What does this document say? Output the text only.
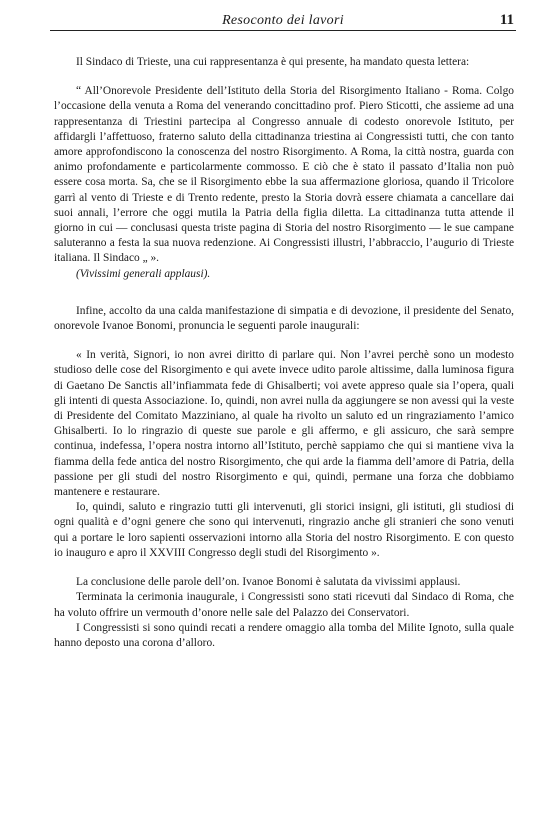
Resoconto dei lavori	11

Il Sindaco di Trieste, una cui rappresentanza è qui presente, ha mandato questa lettera:

“ All’Onorevole Presidente dell’Istituto della Storia del Risorgimento Italiano - Roma. Colgo l’occasione della venuta a Roma del venerando concittadino prof. Piero Sticotti, che assieme ad una rappresentanza di Triestini partecipa al Congresso annuale di codesto onorevole Istituto, per affidargli l’affettuoso, fraterno saluto della cittadinanza triestina ai Congressisti tutti, che con tanto amore approfondiscono la conoscenza del nostro Risorgimento. A Roma, la città nostra, guarda con animo profondamente e particolarmente commosso. E ciò che è stato il passato d’Italia non può essere cosa morta. Sa, che se il Risorgimento ebbe la sua affermazione gloriosa, quando il Tricolore garrì al vento di Trieste e di Trento redente, presto la Storia dovrà essere chiamata a cancellare dai suoi annali, l’errore che oggi mutila la Patria della figlia diletta. La cittadinanza tutta attende il giorno in cui — conclusasi questa triste pagina di Storia del nostro Risorgimento — le sue campane saluteranno a festa la sua nuova redenzione. Ai Congressisti illustri, l’abbraccio, l’augurio di Trieste italiana. Il Sindaco „ ».

(Vivissimi generali applausi).

Infine, accolto da una calda manifestazione di simpatia e di devozione, il presidente del Senato, onorevole Ivanoe Bonomi, pronuncia le seguenti parole inaugurali:

« In verità, Signori, io non avrei diritto di parlare qui. Non l’avrei perchè sono un modesto studioso delle cose del Risorgimento e qui avete invece udito parole altissime, dalla luminosa figura di Gaetano De Sanctis all’infiammata fede di Ghisalberti; voi avete appreso quale sia l’opera, quali gli intenti di questa Associazione. Io, quindi, non avrei nulla da aggiungere se non avessi qui la veste di Presidente del Comitato Mazziniano, al quale ha rivolto un saluto ed un ringraziamento l’amico Ghisalberti. Io lo ringrazio di queste sue parole e gli affermo, e gli assicuro, che sarà sempre continua, indefessa, l’opera nostra intorno all’Istituto, perchè sappiamo che qui si mantiene viva la fiamma della fede antica del nostro Risorgimento, che qui arde la fiamma dell’amore di Patria, della passione per gli studi del nostro Risorgimento e qui, quindi, permane una forza che dobbiamo mantenere e restaurare.

Io, quindi, saluto e ringrazio tutti gli intervenuti, gli storici insigni, gli istituti, gli studiosi di ogni qualità e d’ogni genere che sono qui intervenuti, ringrazio anche gli stranieri che sono venuti qui a portare le loro sapienti osservazioni intorno alla Storia del nostro Risorgimento. E con questo io inauguro e apro il XXVIII Congresso degli studi del Risorgimento ».

La conclusione delle parole dell’on. Ivanoe Bonomi è salutata da vivissimi applausi.

Terminata la cerimonia inaugurale, i Congressisti sono stati ricevuti dal Sindaco di Roma, che ha voluto offrire un vermouth d’onore nelle sale del Palazzo dei Conservatori.

I Congressisti si sono quindi recati a rendere omaggio alla tomba del Milite Ignoto, sulla quale hanno deposto una corona d’alloro.
